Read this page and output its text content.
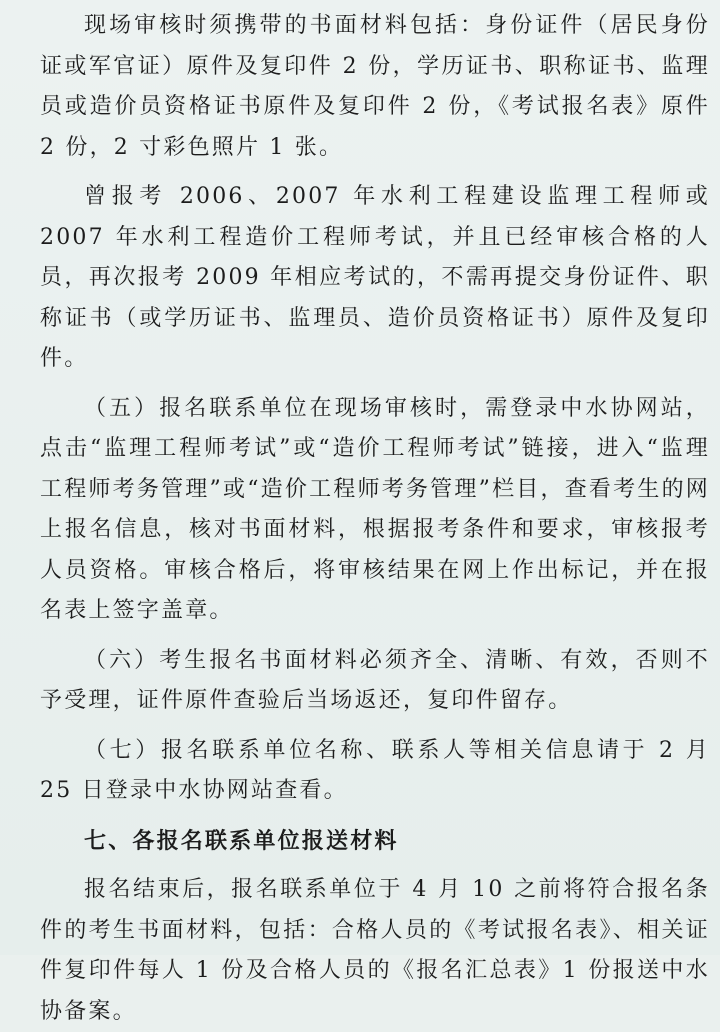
现场审核时须携带的书面材料包括：身份证件（居民身份证或军官证）原件及复印件 2 份，学历证书、职称证书、监理员或造价员资格证书原件及复印件 2 份，《考试报名表》原件 2 份，2 寸彩色照片 1 张。

曾报考 2006、2007 年水利工程建设监理工程师或 2007 年水利工程造价工程师考试，并且已经审核合格的人员，再次报考 2009 年相应考试的，不需再提交身份证件、职称证书（或学历证书、监理员、造价员资格证书）原件及复印件。

（五）报名联系单位在现场审核时，需登录中水协网站，点击“监理工程师考试”或“造价工程师考试”链接，进入“监理工程师考务管理”或“造价工程师考务管理”栏目，查看考生的网上报名信息，核对书面材料，根据报考条件和要求，审核报考人员资格。审核合格后，将审核结果在网上作出标记，并在报名表上签字盖章。

（六）考生报名书面材料必须齐全、清晰、有效，否则不予受理，证件原件查验后当场返还，复印件留存。

（七）报名联系单位名称、联系人等相关信息请于 2 月 25 日登录中水协网站查看。

七、各报名联系单位报送材料

报名结束后，报名联系单位于 4 月 10 之前将符合报名条件的考生书面材料，包括：合格人员的《考试报名表》、相关证件复印件每人 1 份及合格人员的《报名汇总表》1 份报送中水协备案。
